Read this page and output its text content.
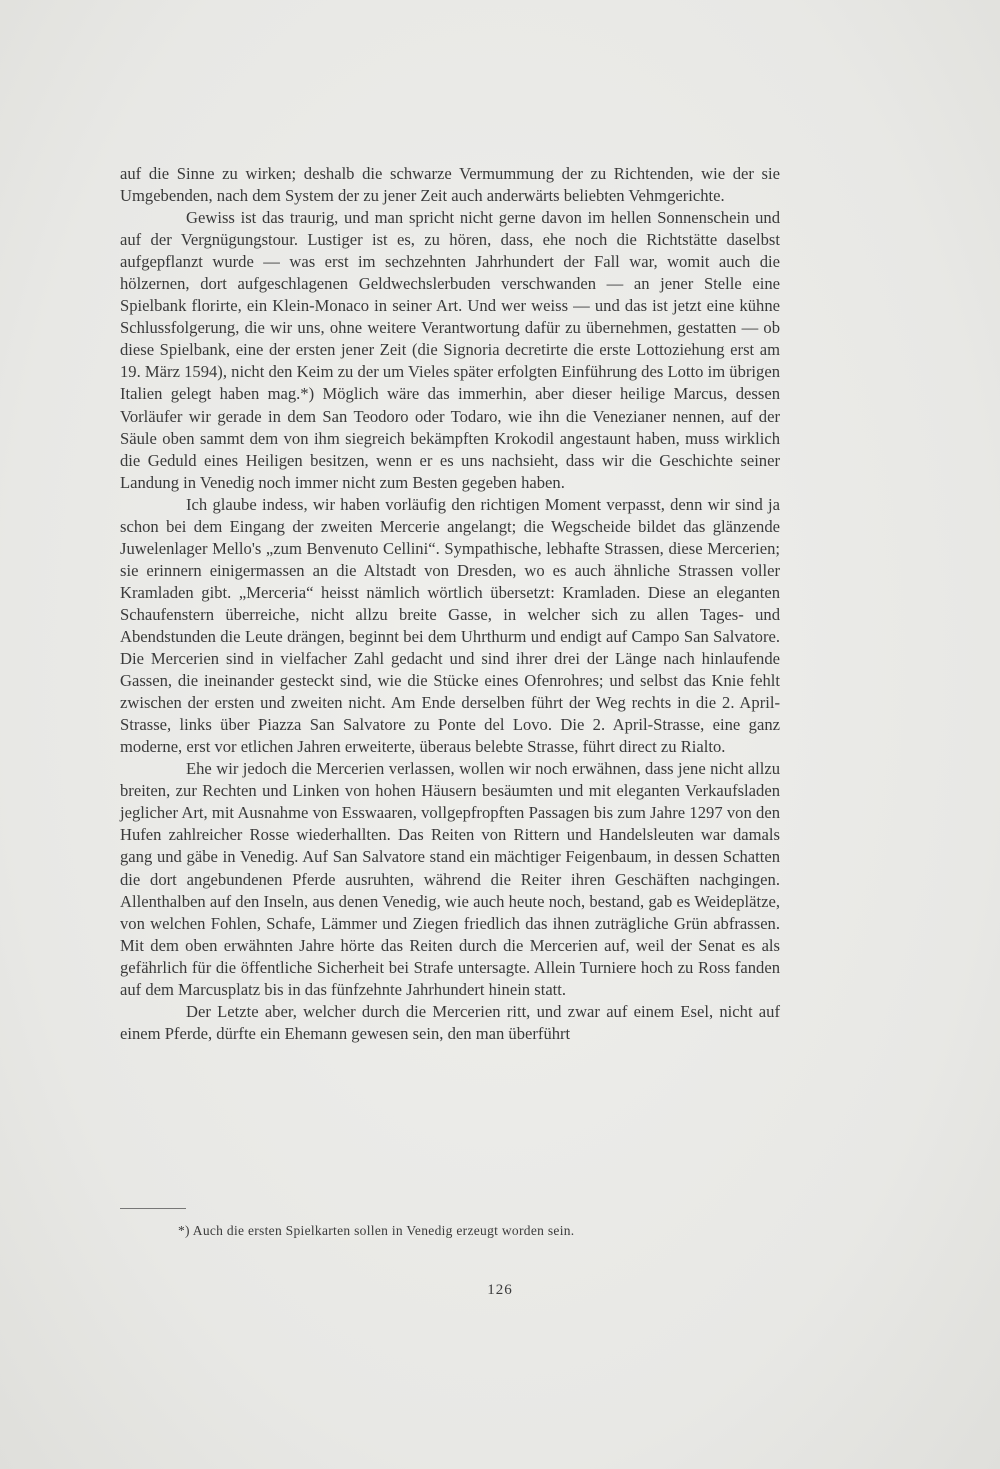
auf die Sinne zu wirken; deshalb die schwarze Vermummung der zu Richtenden, wie der sie Umgebenden, nach dem System der zu jener Zeit auch anderwärts beliebten Vehmgerichte.

Gewiss ist das traurig, und man spricht nicht gerne davon im hellen Sonnenschein und auf der Vergnügungstour. Lustiger ist es, zu hören, dass, ehe noch die Richtstätte daselbst aufgepflanzt wurde — was erst im sechzehnten Jahrhundert der Fall war, womit auch die hölzernen, dort aufgeschlagenen Geldwechslerbuden verschwanden — an jener Stelle eine Spielbank florirte, ein Klein-Monaco in seiner Art. Und wer weiss — und das ist jetzt eine kühne Schlussfolgerung, die wir uns, ohne weitere Verantwortung dafür zu übernehmen, gestatten — ob diese Spielbank, eine der ersten jener Zeit (die Signoria decretirte die erste Lottoziehung erst am 19. März 1594), nicht den Keim zu der um Vieles später erfolgten Einführung des Lotto im übrigen Italien gelegt haben mag.*) Möglich wäre das immerhin, aber dieser heilige Marcus, dessen Vorläufer wir gerade in dem San Teodoro oder Todaro, wie ihn die Venezianer nennen, auf der Säule oben sammt dem von ihm siegreich bekämpften Krokodil angestaunt haben, muss wirklich die Geduld eines Heiligen besitzen, wenn er es uns nachsieht, dass wir die Geschichte seiner Landung in Venedig noch immer nicht zum Besten gegeben haben.

Ich glaube indess, wir haben vorläufig den richtigen Moment verpasst, denn wir sind ja schon bei dem Eingang der zweiten Mercerie angelangt; die Wegscheide bildet das glänzende Juwelenlager Mello's „zum Benvenuto Cellini“. Sympathische, lebhafte Strassen, diese Mercerien; sie erinnern einigermassen an die Altstadt von Dresden, wo es auch ähnliche Strassen voller Kramladen gibt. „Merceria“ heisst nämlich wörtlich übersetzt: Kramladen. Diese an eleganten Schaufenstern überreiche, nicht allzu breite Gasse, in welcher sich zu allen Tages- und Abendstunden die Leute drängen, beginnt bei dem Uhrthurm und endigt auf Campo San Salvatore. Die Mercerien sind in vielfacher Zahl gedacht und sind ihrer drei der Länge nach hinlaufende Gassen, die ineinander gesteckt sind, wie die Stücke eines Ofenrohres; und selbst das Knie fehlt zwischen der ersten und zweiten nicht. Am Ende derselben führt der Weg rechts in die 2. April-Strasse, links über Piazza San Salvatore zu Ponte del Lovo. Die 2. April-Strasse, eine ganz moderne, erst vor etlichen Jahren erweiterte, überaus belebte Strasse, führt direct zu Rialto.

Ehe wir jedoch die Mercerien verlassen, wollen wir noch erwähnen, dass jene nicht allzu breiten, zur Rechten und Linken von hohen Häusern besäumten und mit eleganten Verkaufsladen jeglicher Art, mit Ausnahme von Esswaaren, vollgepfropften Passagen bis zum Jahre 1297 von den Hufen zahlreicher Rosse wiederhallten. Das Reiten von Rittern und Handelsleuten war damals gang und gäbe in Venedig. Auf San Salvatore stand ein mächtiger Feigenbaum, in dessen Schatten die dort angebundenen Pferde ausruhten, während die Reiter ihren Geschäften nachgingen. Allenthalben auf den Inseln, aus denen Venedig, wie auch heute noch, bestand, gab es Weideplätze, von welchen Fohlen, Schafe, Lämmer und Ziegen friedlich das ihnen zuträgliche Grün abfrassen. Mit dem oben erwähnten Jahre hörte das Reiten durch die Mercerien auf, weil der Senat es als gefährlich für die öffentliche Sicherheit bei Strafe untersagte. Allein Turniere hoch zu Ross fanden auf dem Marcusplatz bis in das fünfzehnte Jahrhundert hinein statt.

Der Letzte aber, welcher durch die Mercerien ritt, und zwar auf einem Esel, nicht auf einem Pferde, dürfte ein Ehemann gewesen sein, den man überführt

*) Auch die ersten Spielkarten sollen in Venedig erzeugt worden sein.
126
